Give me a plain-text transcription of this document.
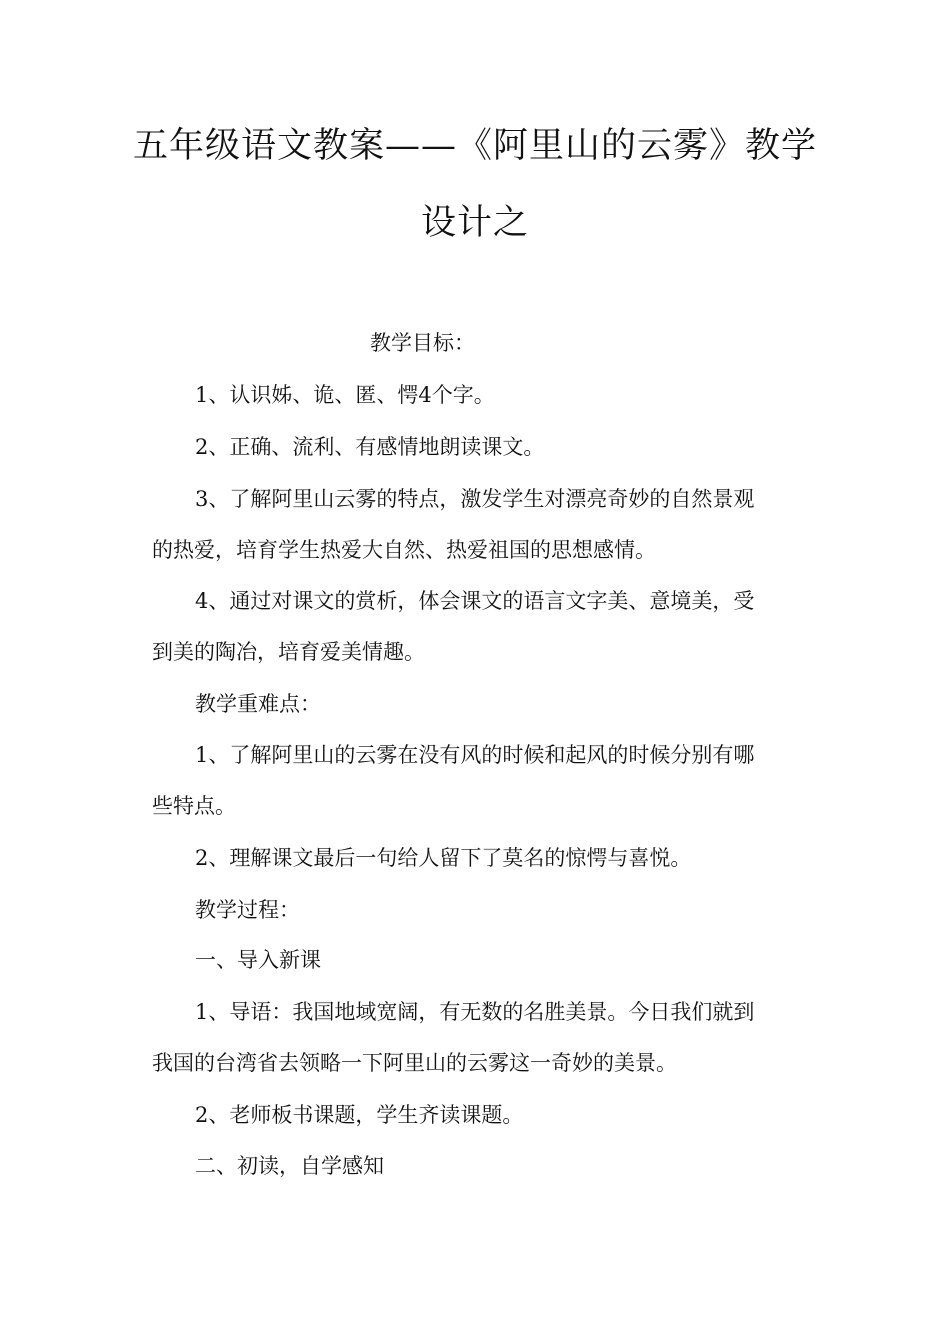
五年级语文教案——《阿里山的云雾》教学
设计之
教学目标：
1、认识姊、诡、匿、愕4个字。
2、正确、流利、有感情地朗读课文。
3、了解阿里山云雾的特点，激发学生对漂亮奇妙的自然景观
的热爱，培育学生热爱大自然、热爱祖国的思想感情。
4、通过对课文的赏析，体会课文的语言文字美、意境美，受
到美的陶冶，培育爱美情趣。
教学重难点：
1、了解阿里山的云雾在没有风的时候和起风的时候分别有哪
些特点。
2、理解课文最后一句给人留下了莫名的惊愕与喜悦。
教学过程：
一、导入新课
1、导语：我国地域宽阔，有无数的名胜美景。今日我们就到
我国的台湾省去领略一下阿里山的云雾这一奇妙的美景。
2、老师板书课题，学生齐读课题。
二、初读，自学感知
